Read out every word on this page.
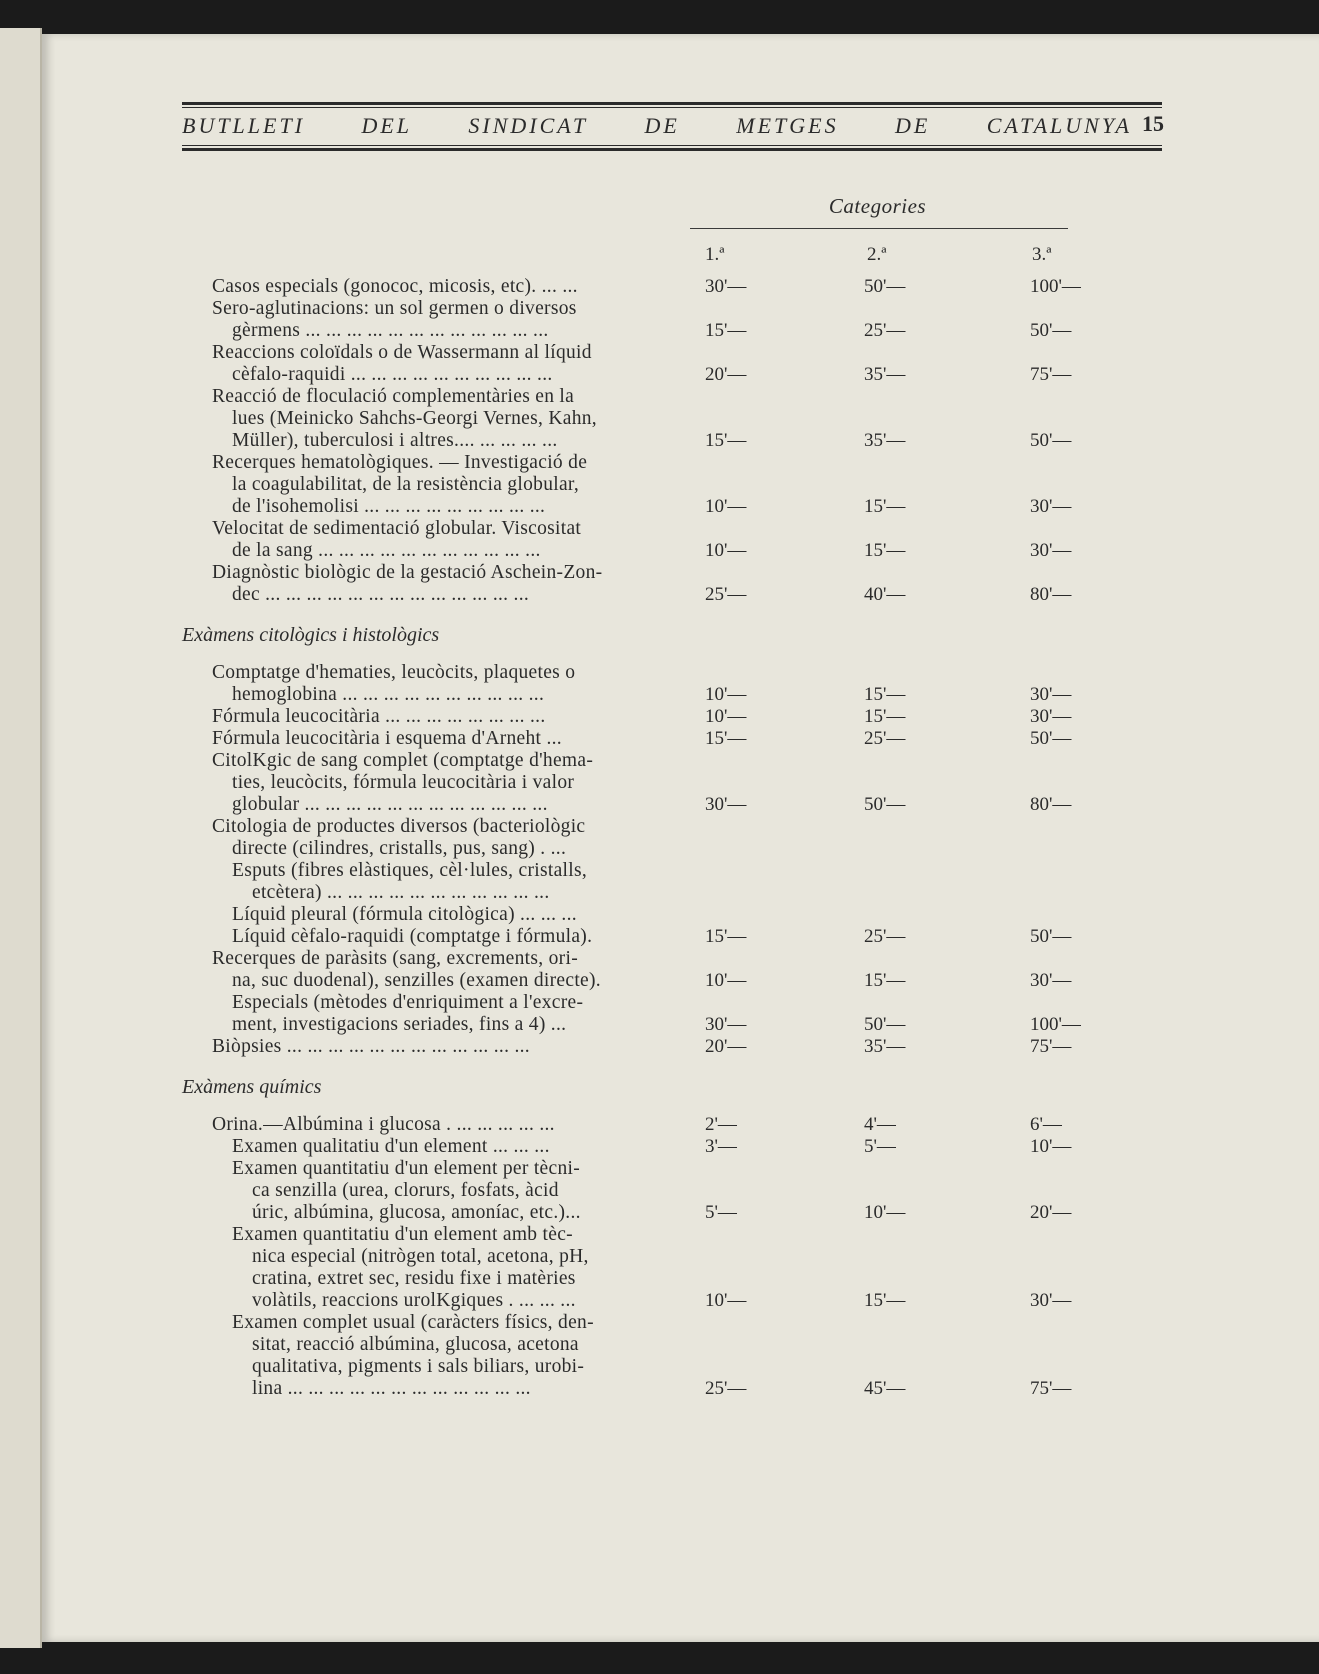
BUTLLETI	DEL	SINDICAT	DE	METGES	DE	CATALUNYA 15
Categories
1.ª	2.ª	3.ª
Casos especials (gonococ, micosis, etc). ... ...	30'—	50'—	100'—
Sero-aglutinacions: un sol germen o diversos
gèrmens ... ... ... ... ... ... ... ... ... ... ... ...	15'—	25'—	50'—
Reaccions coloïdals o de Wassermann al líquid
cèfalo-raquidi ... ... ... ... ... ... ... ... ... ...	20'—	35'—	75'—
Reacció de floculació complementàries en la
lues (Meinicko Sahchs-Georgi Vernes, Kahn,
Müller), tuberculosi i altres.... ... ... ... ...	15'—	35'—	50'—
Recerques hematològiques. — Investigació de
la coagulabilitat, de la resistència globular,
de l'isohemolisi ... ... ... ... ... ... ... ... ...	10'—	15'—	30'—
Velocitat de sedimentació globular. Viscositat
de la sang ... ... ... ... ... ... ... ... ... ... ...	10'—	15'—	30'—
Diagnòstic biològic de la gestació Aschein-Zon-
dec ... ... ... ... ... ... ... ... ... ... ... ... ...	25'—	40'—	80'—
Exàmens citològics i histològics
Comptatge d'hematies, leucòcits, plaquetes o
hemoglobina ... ... ... ... ... ... ... ... ... ...	10'—	15'—	30'—
Fórmula leucocitària ... ... ... ... ... ... ... ...	10'—	15'—	30'—
Fórmula leucocitària i esquema d'Arneht ...	15'—	25'—	50'—
CitolKgic de sang complet (comptatge d'hema-
ties, leucòcits, fórmula leucocitària i valor
globular ... ... ... ... ... ... ... ... ... ... ... ...	30'—	50'—	80'—
Citologia de productes diversos (bacteriològic
directe (cilindres, cristalls, pus, sang) . ...
Esputs (fibres elàstiques, cèl·lules, cristalls,
etcètera) ... ... ... ... ... ... ... ... ... ... ...
Líquid pleural (fórmula citològica) ... ... ...
Líquid cèfalo-raquidi (comptatge i fórmula).	15'—	25'—	50'—
Recerques de paràsits (sang, excrements, ori-
na, suc duodenal), senzilles (examen directe).	10'—	15'—	30'—
Especials (mètodes d'enriquiment a l'excre-
ment, investigacions seriades, fins a 4) ...	30'—	50'—	100'—
Biòpsies ... ... ... ... ... ... ... ... ... ... ... ...	20'—	35'—	75'—
Exàmens químics
Orina.—Albúmina i glucosa . ... ... ... ... ...	2'—	4'—	6'—
Examen qualitatiu d'un element ... ... ...	3'—	5'—	10'—
Examen quantitatiu d'un element per tècni-
ca senzilla (urea, clorurs, fosfats, àcid
úric, albúmina, glucosa, amoníac, etc.)...	5'—	10'—	20'—
Examen quantitatiu d'un element amb tèc-
nica especial (nitrògen total, acetona, pH,
cratina, extret sec, residu fixe i matèries
volàtils, reaccions urolKgiques . ... ... ...	10'—	15'—	30'—
Examen complet usual (caràcters físics, den-
sitat, reacció albúmina, glucosa, acetona
qualitativa, pigments i sals biliars, urobi-
lina ... ... ... ... ... ... ... ... ... ... ... ...	25'—	45'—	75'—
